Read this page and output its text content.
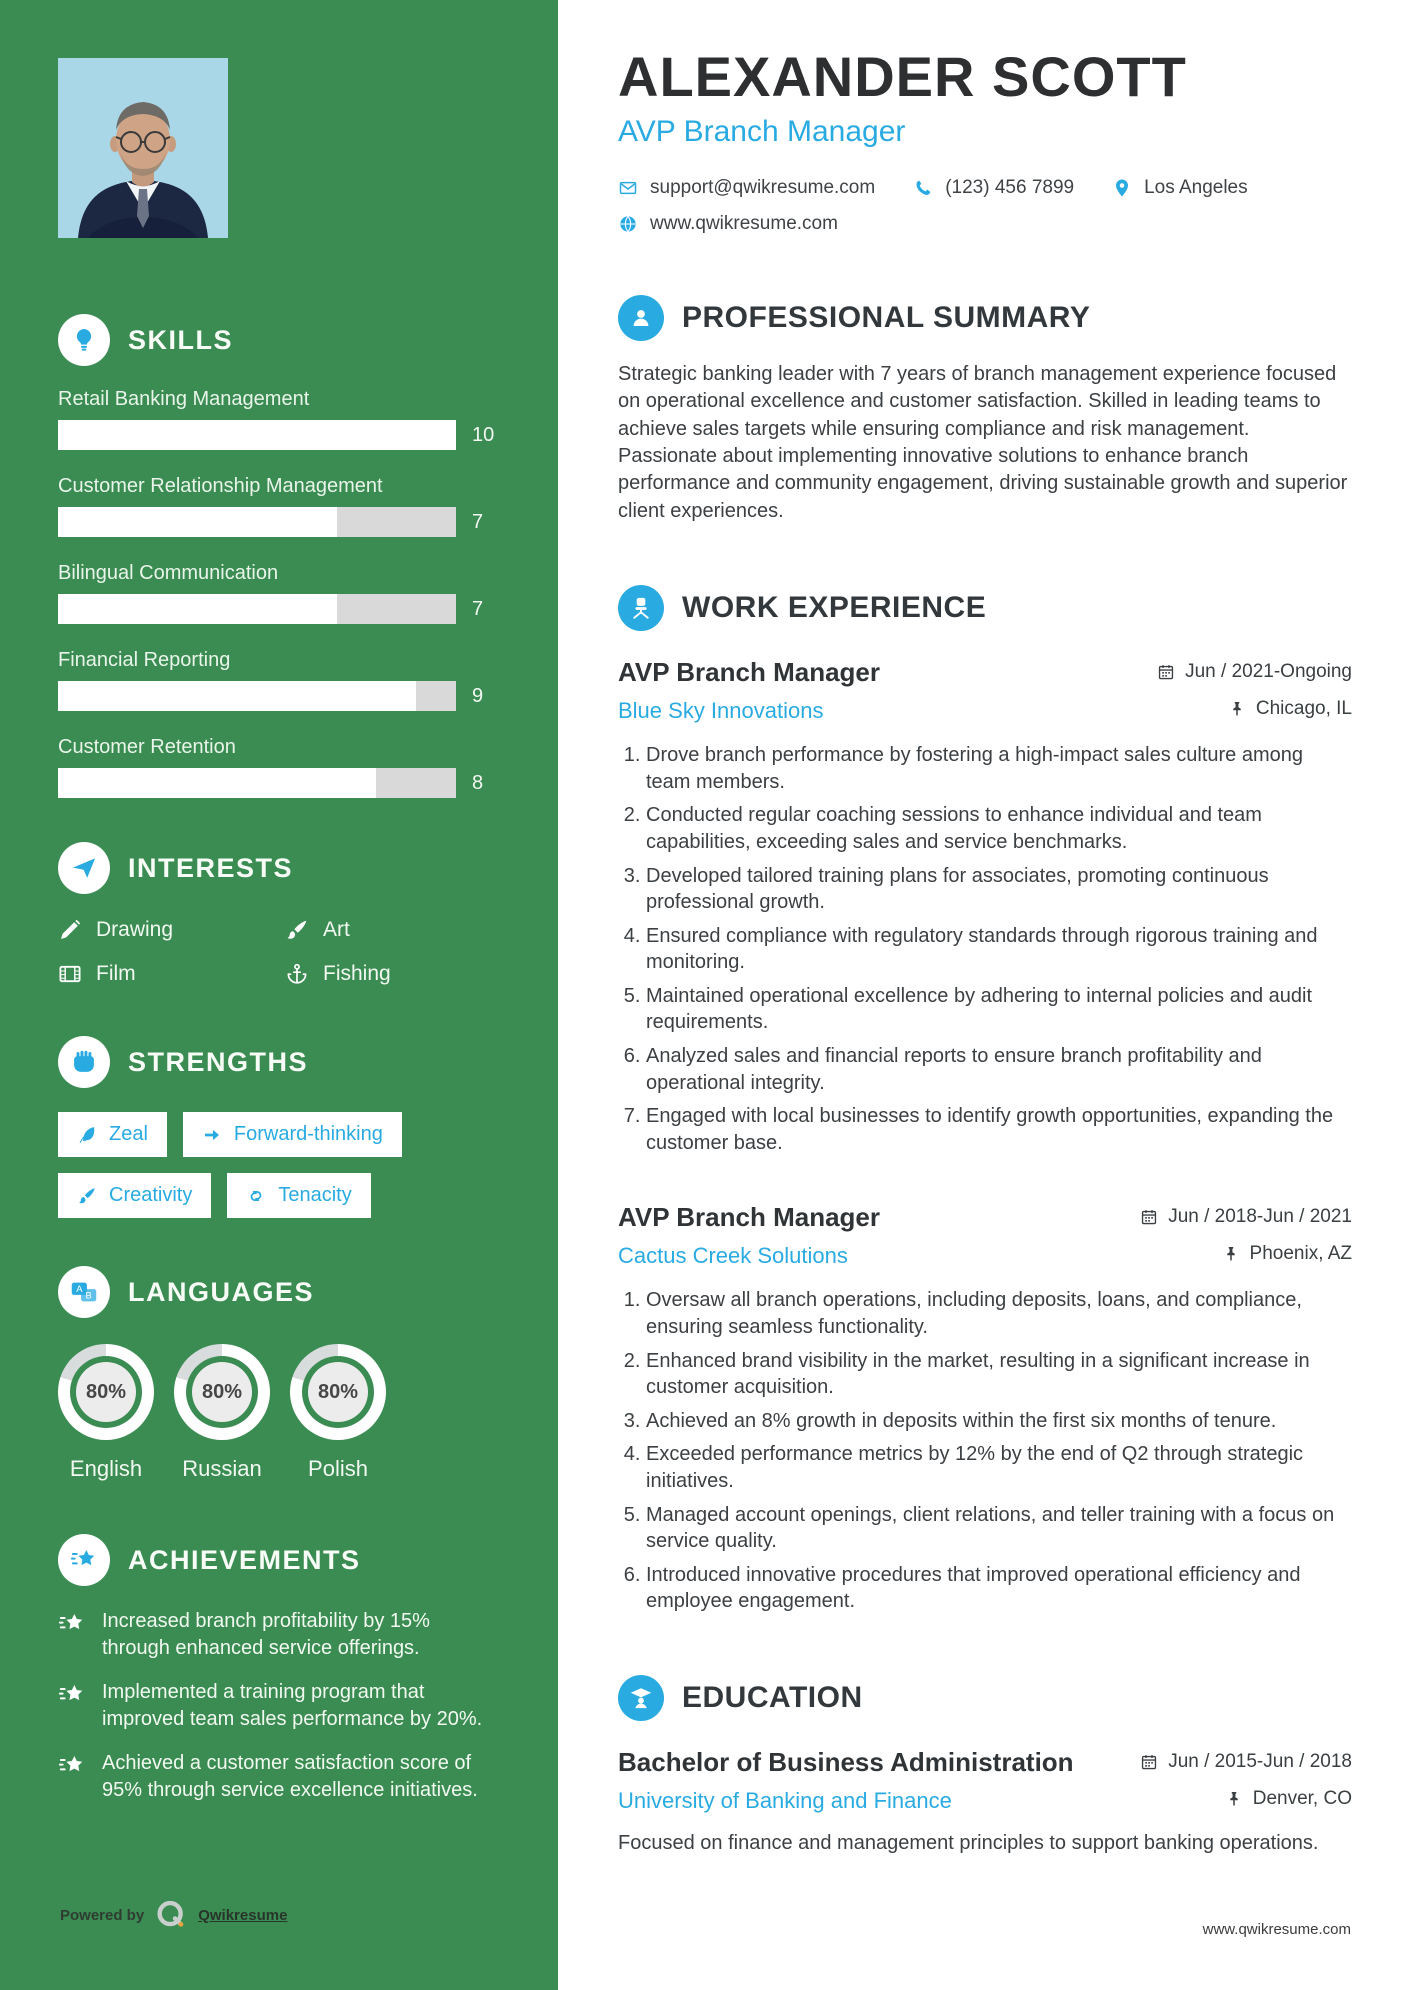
SKILLS
Retail Banking Management
10
Customer Relationship Management
7
Bilingual Communication
7
Financial Reporting
9
Customer Retention
8
INTERESTS
Drawing	Art
Film	Fishing
STRENGTHS
Zeal	Forward-thinking
Creativity	Tenacity
A
B LANGUAGES
80%
English
80%
Russian
80%
Polish
ACHIEVEMENTS
Increased branch profitability by 15% through enhanced service offerings.
Implemented a training program that improved team sales performance by 20%.
Achieved a customer satisfaction score of 95% through service excellence initiatives.
Powered by	Qwikresume
ALEXANDER SCOTT
AVP Branch Manager
support@qwikresume.com	(123) 456 7899	Los Angeles
www.qwikresume.com
PROFESSIONAL SUMMARY

Strategic banking leader with 7 years of branch management experience focused on operational excellence and customer satisfaction. Skilled in leading teams to achieve sales targets while ensuring compliance and risk management. Passionate about implementing innovative solutions to enhance branch performance and community engagement, driving sustainable growth and superior client experiences.

WORK EXPERIENCE
AVP Branch Manager	Jun / 2021-Ongoing
Blue Sky Innovations	Chicago, IL
1. Drove branch performance by fostering a high-impact sales culture among team members.
2. Conducted regular coaching sessions to enhance individual and team capabilities, exceeding sales and service benchmarks.
3. Developed tailored training plans for associates, promoting continuous professional growth.
4. Ensured compliance with regulatory standards through rigorous training and monitoring.
5. Maintained operational excellence by adhering to internal policies and audit requirements.
6. Analyzed sales and financial reports to ensure branch profitability and operational integrity.
7. Engaged with local businesses to identify growth opportunities, expanding the customer base.
AVP Branch Manager	Jun / 2018-Jun / 2021
Cactus Creek Solutions	Phoenix, AZ
1. Oversaw all branch operations, including deposits, loans, and compliance, ensuring seamless functionality.
2. Enhanced brand visibility in the market, resulting in a significant increase in customer acquisition.
3. Achieved an 8% growth in deposits within the first six months of tenure.
4. Exceeded performance metrics by 12% by the end of Q2 through strategic initiatives.
5. Managed account openings, client relations, and teller training with a focus on service quality.
6. Introduced innovative procedures that improved operational efficiency and employee engagement.
EDUCATION
Bachelor of Business Administration	Jun / 2015-Jun / 2018
University of Banking and Finance	Denver, CO

Focused on finance and management principles to support banking operations.

www.qwikresume.com
